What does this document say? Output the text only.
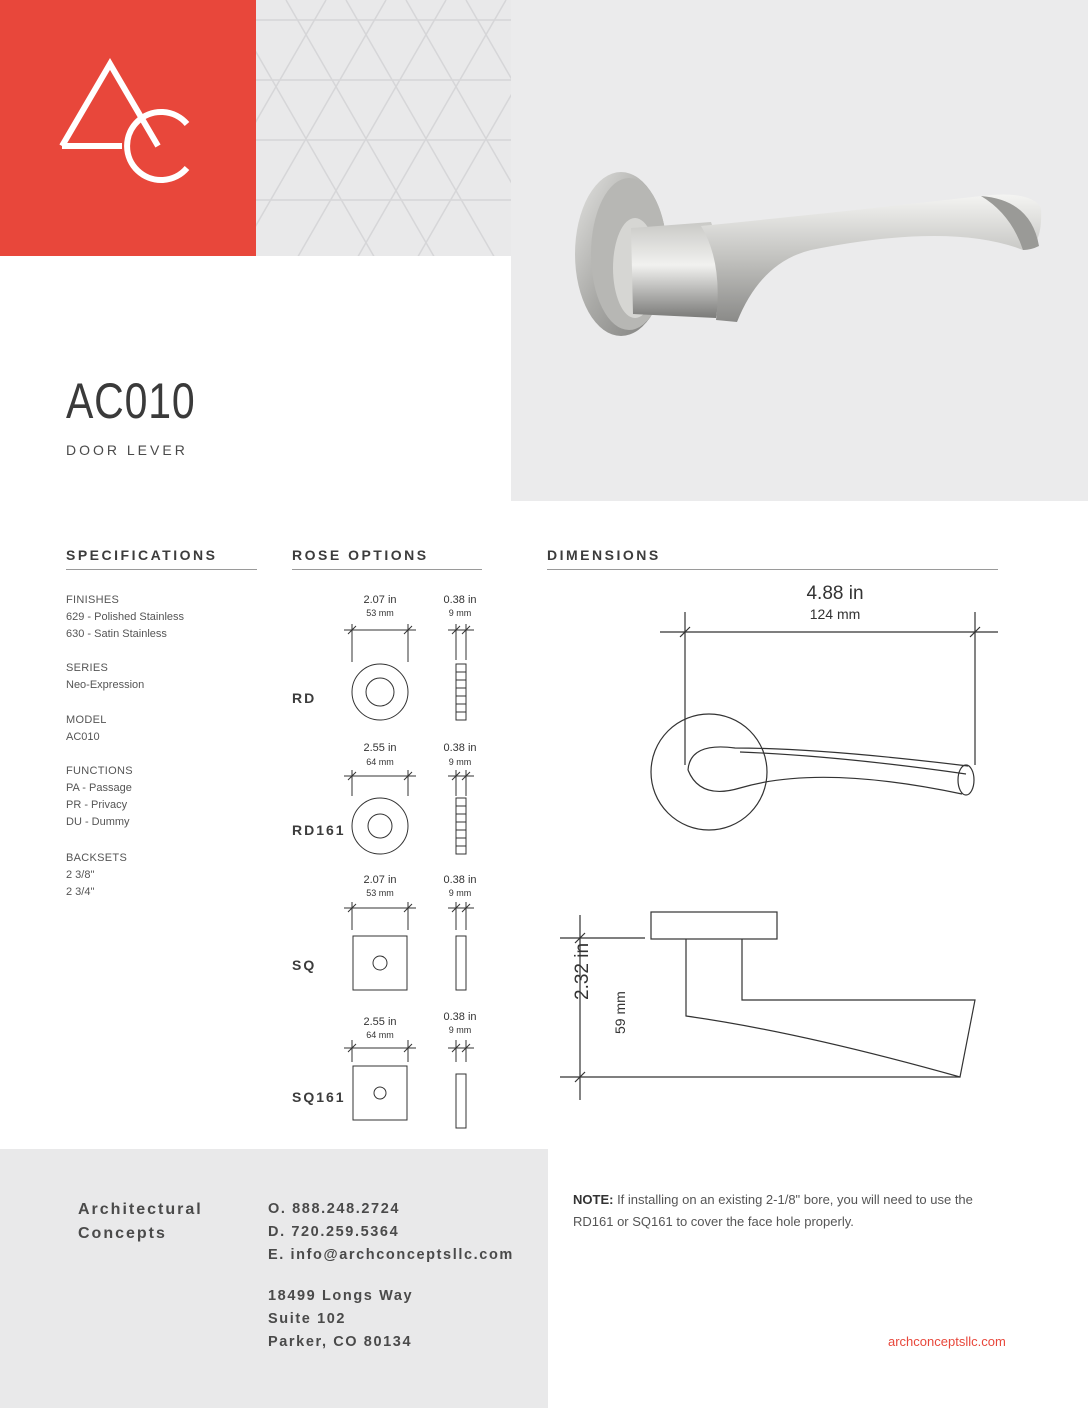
AC010
DOOR LEVER
SPECIFICATIONS
FINISHES
629 - Polished Stainless
630 - Satin Stainless
SERIES
Neo-Expression
MODEL
AC010
FUNCTIONS
PA - Passage
PR - Privacy
DU - Dummy
BACKSETS
2 3/8"
2 3/4"
ROSE OPTIONS
2.07 in
53 mm
0.38 in
9 mm
RD
2.55 in
64 mm
0.38 in
9 mm
RD161
2.07 in
53 mm
0.38 in
9 mm
SQ
2.55 in
64 mm
0.38 in
9 mm
SQ161
DIMENSIONS
4.88 in
124 mm
2.32 in
59 mm
Architectural
Concepts
O. 888.248.2724
D. 720.259.5364
E. info@archconceptsllc.com
18499 Longs Way
Suite 102
Parker, CO 80134
NOTE: If installing on an existing 2-1/8" bore, you will need to use the RD161 or SQ161 to cover the face hole properly.
archconceptsllc.com
